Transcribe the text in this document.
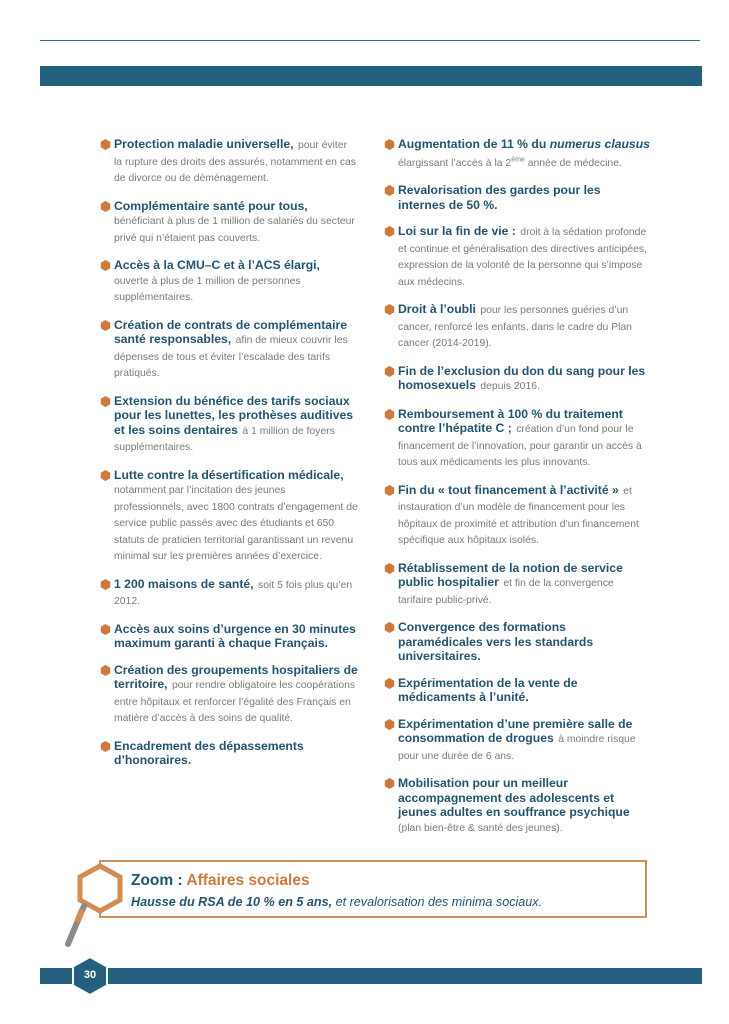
Protection maladie universelle, pour éviter la rupture des droits des assurés, notamment en cas de divorce ou de déménagement.
Complémentaire santé pour tous, bénéficiant à plus de 1 million de salariés du secteur privé qui n’étaient pas couverts.
Accès à la CMU–C et à l’ACS élargi, ouverte à plus de 1 million de personnes supplémentaires.
Création de contrats de complémentaire santé responsables, afin de mieux couvrir les dépenses de tous et éviter l’escalade des tarifs pratiqués.
Extension du bénéfice des tarifs sociaux pour les lunettes, les prothèses auditives et les soins dentaires à 1 million de foyers supplémentaires.
Lutte contre la désertification médicale, notamment par l’incitation des jeunes professionnels, avec 1800 contrats d’engagement de service public passés avec des étudiants et 650 statuts de praticien territorial garantissant un revenu minimal sur les premières années d’exercice.
1 200 maisons de santé, soit 5 fois plus qu’en 2012.
Accès aux soins d’urgence en 30 minutes maximum garanti à chaque Français.
Création des groupements hospitaliers de territoire, pour rendre obligatoire les coopérations entre hôpitaux et renforcer l’égalité des Français en matière d’accès à des soins de qualité.
Encadrement des dépassements d’honoraires.
Augmentation de 11 % du numerus clausus élargissant l’accès à la 2ème année de médecine.
Revalorisation des gardes pour les internes de 50 %.
Loi sur la fin de vie : droit à la sédation profonde et continue et généralisation des directives anticipées, expression de la volonté de la personne qui s’impose aux médecins.
Droit à l’oubli pour les personnes guéries d’un cancer, renforcé les enfants, dans le cadre du Plan cancer (2014-2019).
Fin de l’exclusion du don du sang pour les homosexuels depuis 2016.
Remboursement à 100 % du traitement contre l’hépatite C ; création d’un fond pour le financement de l’innovation, pour garantir un accès à tous aux médicaments les plus innovants.
Fin du « tout financement à l’activité » et instauration d’un modèle de financement pour les hôpitaux de proximité et attribution d’un financement spécifique aux hôpitaux isolés.
Rétablissement de la notion de service public hospitalier et fin de la convergence tarifaire public-privé.
Convergence des formations paramédicales vers les standards universitaires.
Expérimentation de la vente de médicaments à l’unité.
Expérimentation d’une première salle de consommation de drogues à moindre risque pour une durée de 6 ans.
Mobilisation pour un meilleur accompagnement des adolescents et jeunes adultes en souffrance psychique (plan bien-être & santé des jeunes).
Zoom : Affaires sociales
Hausse du RSA de 10 % en 5 ans, et revalorisation des minima sociaux.
30
